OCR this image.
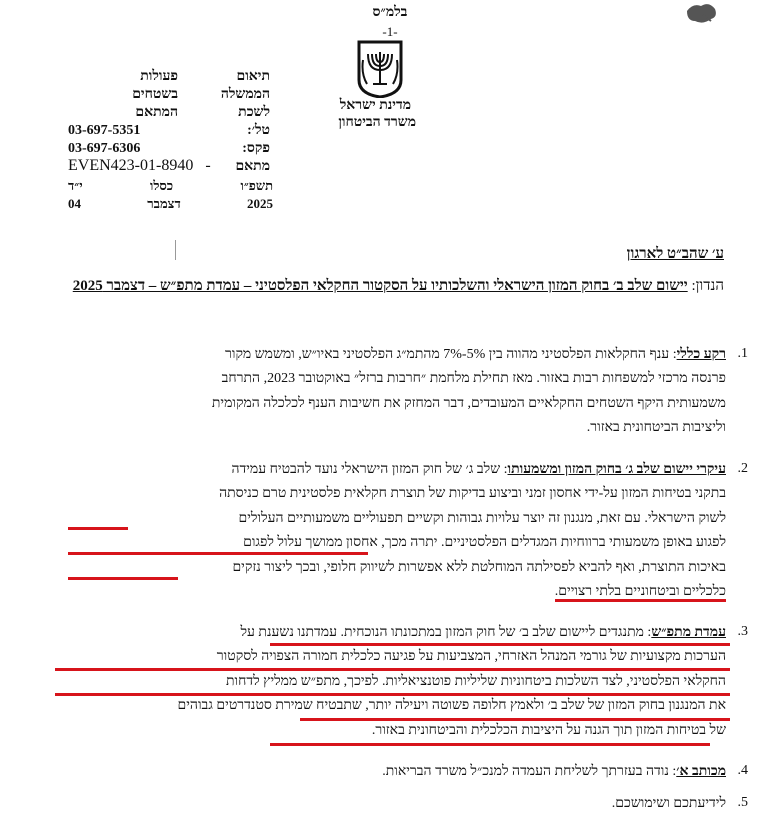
בלמ״ס
-1-
מדינת ישראל
משרד הביטחון
תיאום
הממשלה
לשכת
טל׳:
פקס:
מתאם
פעולות
בשטחים
המתאם
03-697-5351
03-697-6306
EVEN423-01-8940 -
י״ד	כסלו	תשפ״ו
04	דצמבר	2025
ע׳ שהב״ט לארגון
הנדון: יישום שלב ב׳ בחוק המזון הישראלי והשלכותיו על הסקטור החקלאי הפלסטיני – עמדת מתפ״ש – דצמבר 2025
1.
רקע כללי: ענף החקלאות הפלסטיני מהווה בין 5%-7% מהתמ״ג הפלסטיני באיו״ש, ומשמש מקור
פרנסה מרכזי למשפחות רבות באזור. מאז תחילת מלחמת ״חרבות ברזל״ באוקטובר 2023, התרחב
משמעותית היקף השטחים החקלאיים המעובדים, דבר המחזק את חשיבות הענף לכלכלה המקומית
וליציבות הביטחונית באזור.
2.
עיקרי יישום שלב ג׳ בחוק המזון ומשמעותו: שלב ג׳ של חוק המזון הישראלי נועד להבטיח עמידה
בתקני בטיחות המזון על-ידי אחסון זמני וביצוע בדיקות של תוצרת חקלאית פלסטינית טרם כניסתה
לשוק הישראלי. עם זאת, מנגנון זה יוצר עלויות גבוהות וקשיים תפעוליים משמעותיים העלולים
לפגוע באופן משמעותי ברווחיות המגדלים הפלסטיניים. יתרה מכך, אחסון ממושך עלול לפגום
באיכות התוצרת, ואף להביא לפסילתה המוחלטת ללא אפשרות לשיווק חלופי, ובכך ליצור נזקים
כלכליים וביטחוניים בלתי רצויים.
3.
עמדת מתפ״ש: מתנגדים ליישום שלב ב׳ של חוק המזון במתכונתו הנוכחית. עמדתנו נשענת על
הערכות מקצועיות של גורמי המנהל האזרחי, המצביעות על פגיעה כלכלית חמורה הצפויה לסקטור
החקלאי הפלסטיני, לצד השלכות ביטחוניות שליליות פוטנציאליות. לפיכך, מתפ״ש ממליץ לדחות
את המנגנון בחוק המזון של שלב ב׳ ולאמץ חלופה פשוטה ויעילה יותר, שתבטיח שמירת סטנדרטים גבוהים
של בטיחות המזון תוך הגנה על היציבות הכלכלית והביטחונית באזור.
4.
מכותב א׳: נודה בעזרתך לשליחת העמדה למנכ״ל משרד הבריאות.
5.
לידיעתכם ושימושכם.
